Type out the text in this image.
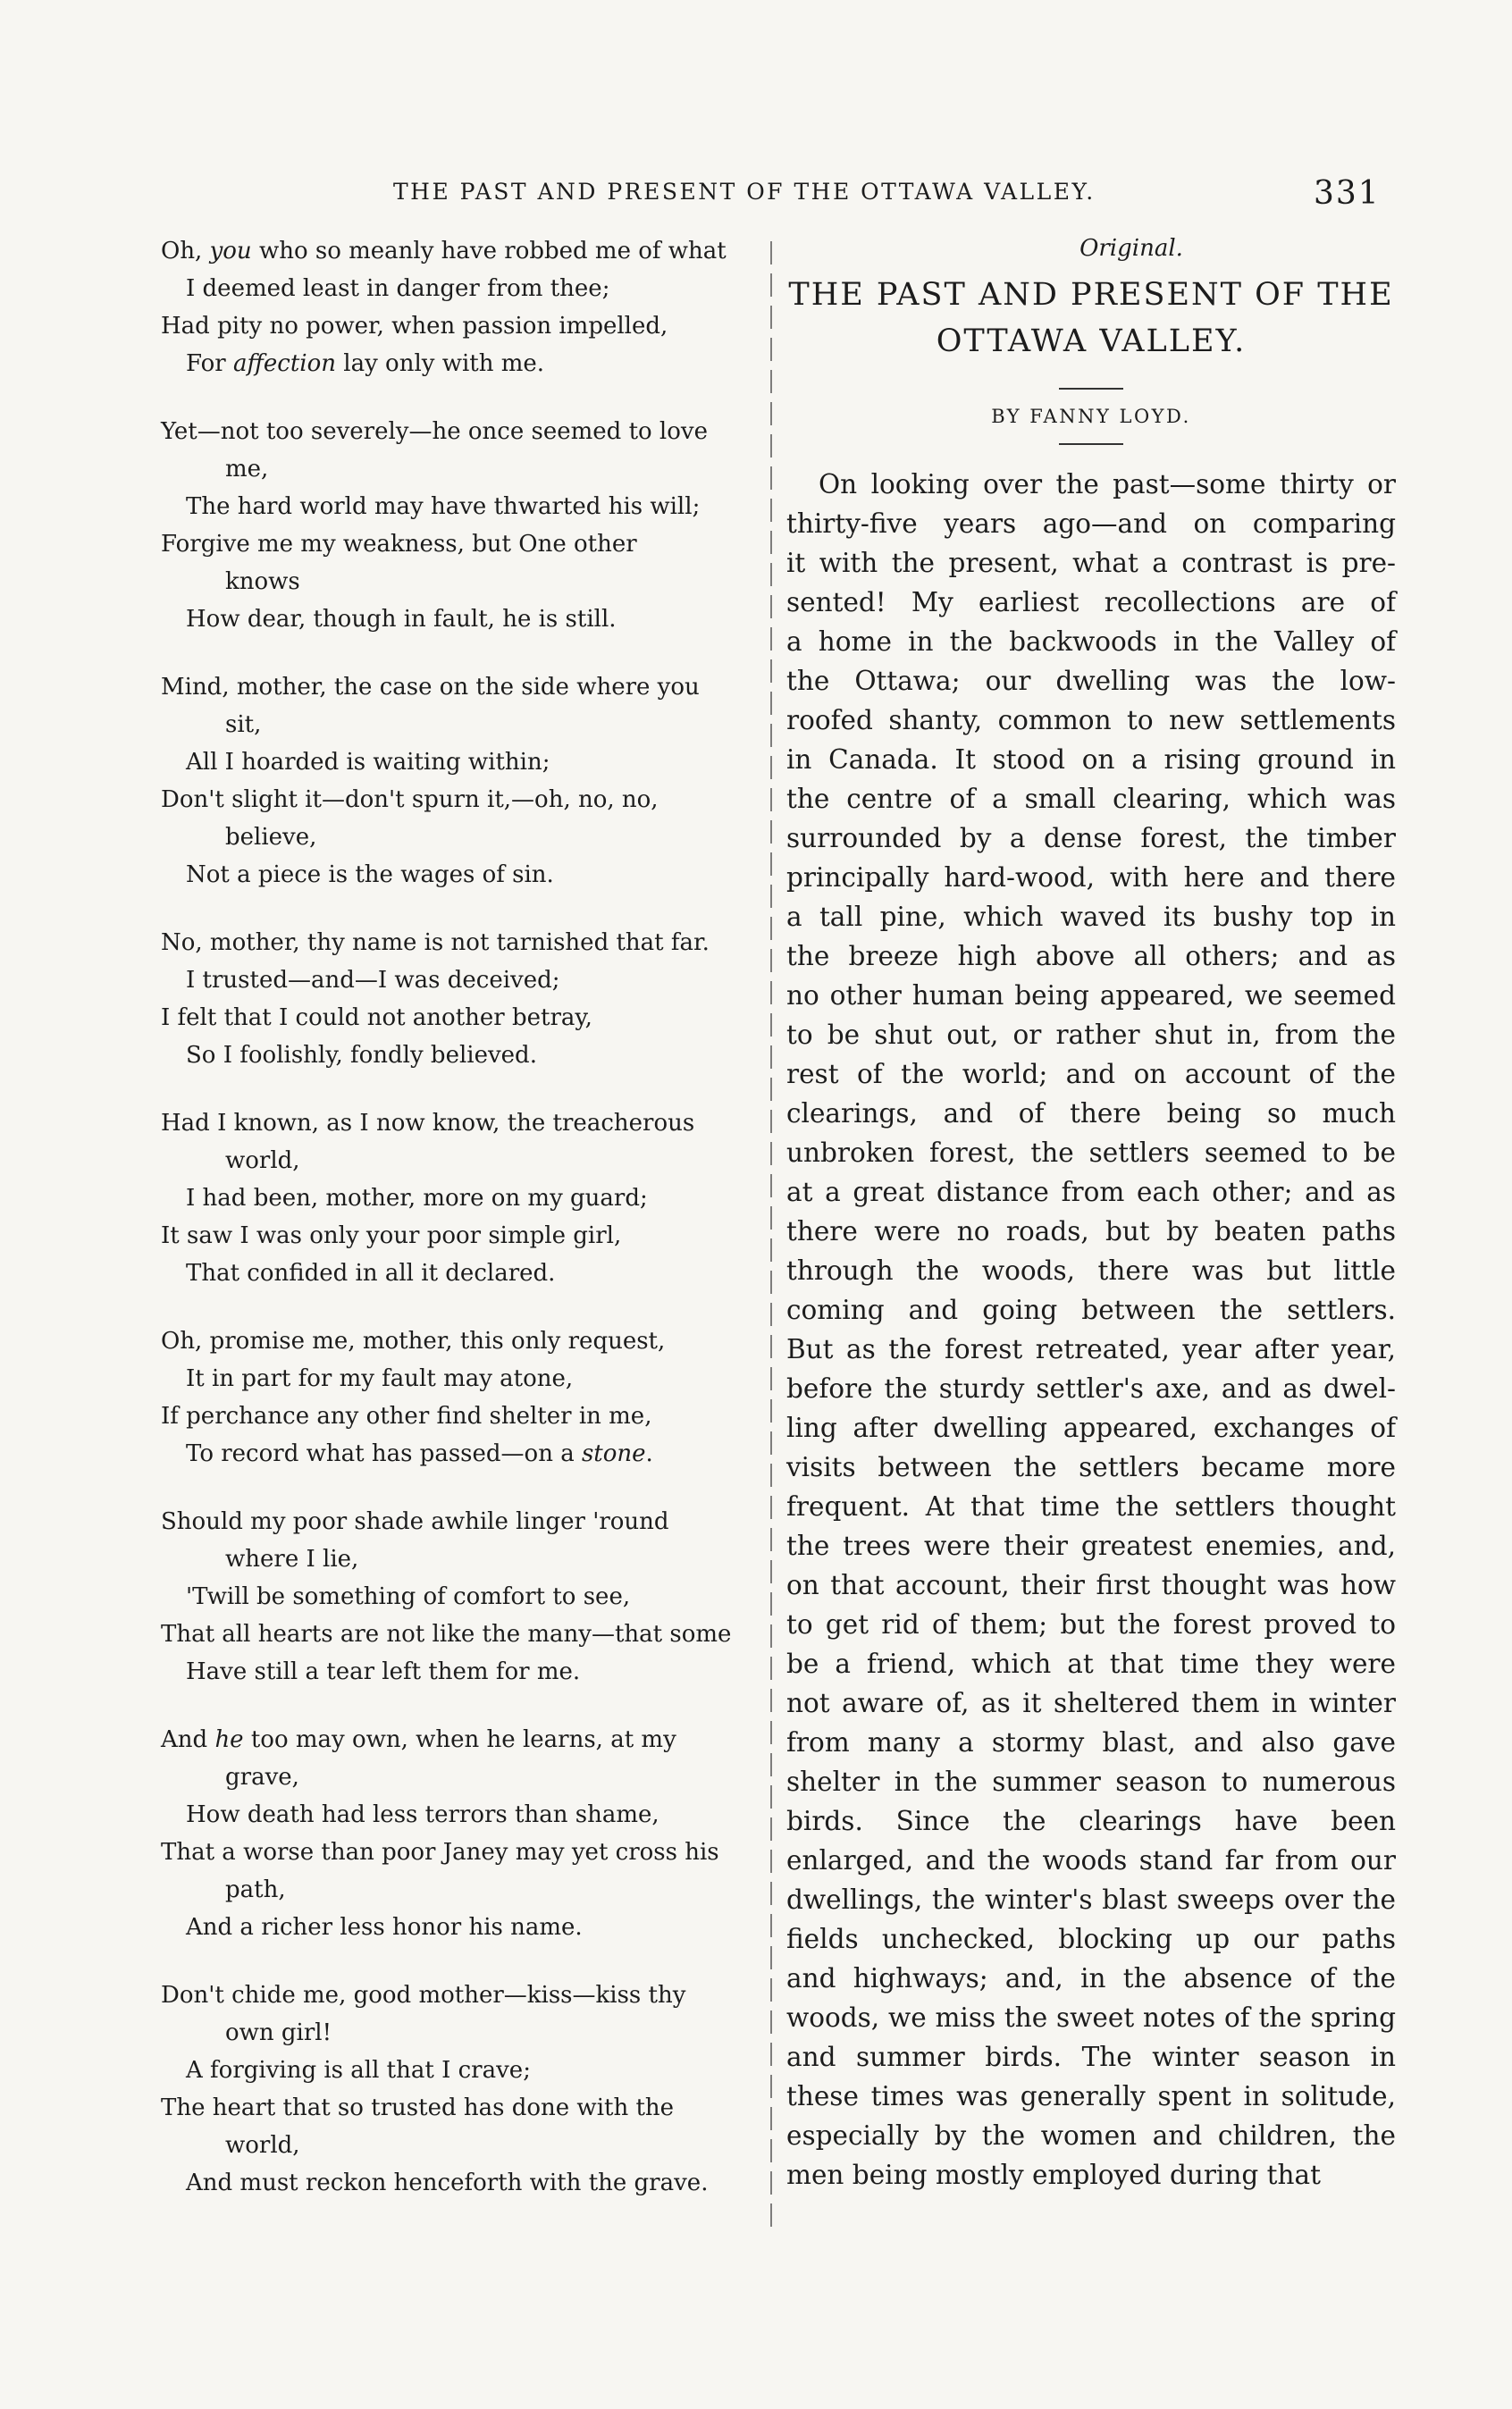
THE PAST AND PRESENT OF THE OTTAWA VALLEY.	331
Oh, you who so meanly have robbed me of what
I deemed least in danger from thee;
Had pity no power, when passion impelled,
For affection lay only with me.
Yet—not too severely—he once seemed to love
me,
The hard world may have thwarted his will;
Forgive me my weakness, but One other
knows
How dear, though in fault, he is still.
Mind, mother, the case on the side where you
sit,
All I hoarded is waiting within;
Don't slight it—don't spurn it,—oh, no, no,
believe,
Not a piece is the wages of sin.
No, mother, thy name is not tarnished that far.
I trusted—and—I was deceived;
I felt that I could not another betray,
So I foolishly, fondly believed.
Had I known, as I now know, the treacherous
world,
I had been, mother, more on my guard;
It saw I was only your poor simple girl,
That confided in all it declared.
Oh, promise me, mother, this only request,
It in part for my fault may atone,
If perchance any other find shelter in me,
To record what has passed—on a stone.
Should my poor shade awhile linger 'round
where I lie,
'Twill be something of comfort to see,
That all hearts are not like the many—that some
Have still a tear left them for me.
And he too may own, when he learns, at my
grave,
How death had less terrors than shame,
That a worse than poor Janey may yet cross his
path,
And a richer less honor his name.
Don't chide me, good mother—kiss—kiss thy
own girl!
A forgiving is all that I crave;
The heart that so trusted has done with the
world,
And must reckon henceforth with the grave.
Original.
THE PAST AND PRESENT OF THE
OTTAWA VALLEY.
BY FANNY LOYD.
On looking over the past—some thirty or
thirty-five years ago—and on comparing
it with the present, what a contrast is pre-
sented! My earliest recollections are of
a home in the backwoods in the Valley of
the Ottawa; our dwelling was the low-
roofed shanty, common to new settlements
in Canada. It stood on a rising ground in
the centre of a small clearing, which was
surrounded by a dense forest, the timber
principally hard-wood, with here and there
a tall pine, which waved its bushy top in
the breeze high above all others; and as
no other human being appeared, we seemed
to be shut out, or rather shut in, from the
rest of the world; and on account of the
clearings, and of there being so much
unbroken forest, the settlers seemed to be
at a great distance from each other; and as
there were no roads, but by beaten paths
through the woods, there was but little
coming and going between the settlers.
But as the forest retreated, year after year,
before the sturdy settler's axe, and as dwel-
ling after dwelling appeared, exchanges of
visits between the settlers became more
frequent. At that time the settlers thought
the trees were their greatest enemies, and,
on that account, their first thought was how
to get rid of them; but the forest proved to
be a friend, which at that time they were
not aware of, as it sheltered them in winter
from many a stormy blast, and also gave
shelter in the summer season to numerous
birds. Since the clearings have been
enlarged, and the woods stand far from our
dwellings, the winter's blast sweeps over the
fields unchecked, blocking up our paths
and highways; and, in the absence of the
woods, we miss the sweet notes of the spring
and summer birds. The winter season in
these times was generally spent in solitude,
especially by the women and children, the
men being mostly employed during that
